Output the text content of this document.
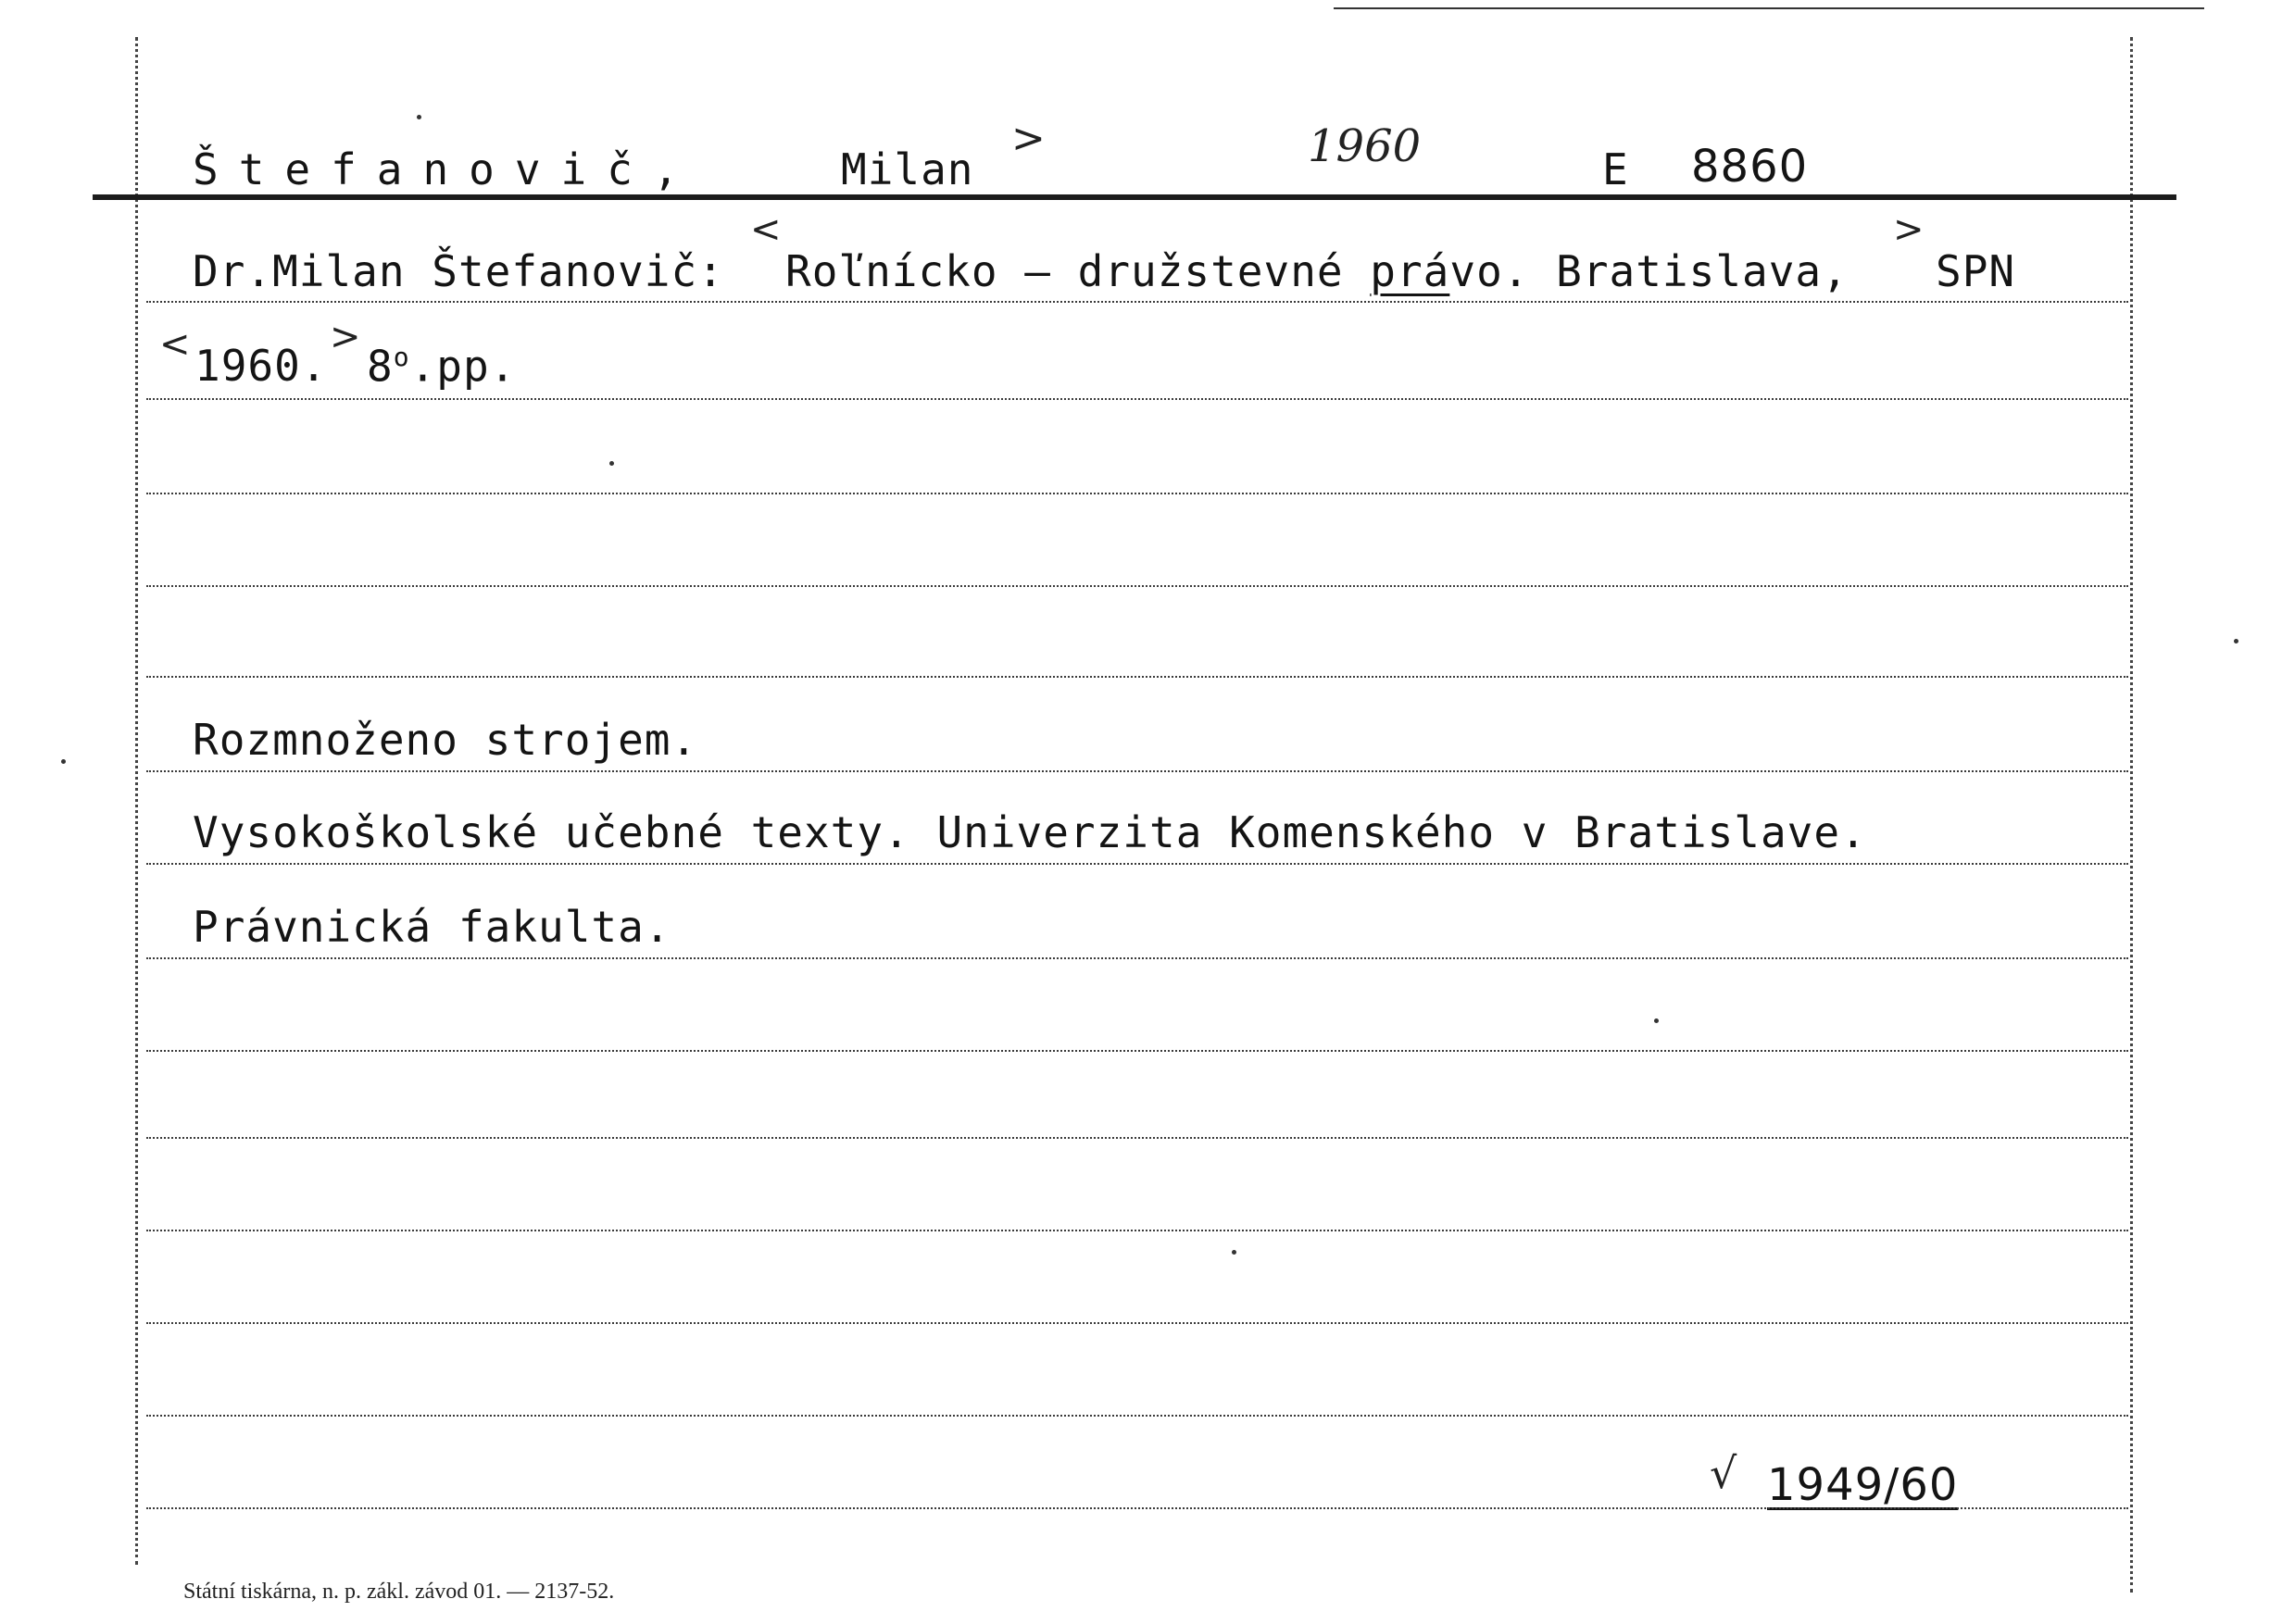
Štefanovič,	Milan
>	1960	E 8860
Dr.Milan Štefanovič:
<
Roľnícko – družstevné právo. Bratislava,
>
SPN
< 1960.
>
$8^o.pp$.
Rozmnoženo strojem.
Vysokoškolské učebné texty. Univerzita Komenského v Bratislave.
Právnická fakulta.
√ 1949/60
Státní tiskárna, n. p. zákl. závod 01. — 2137-52.
